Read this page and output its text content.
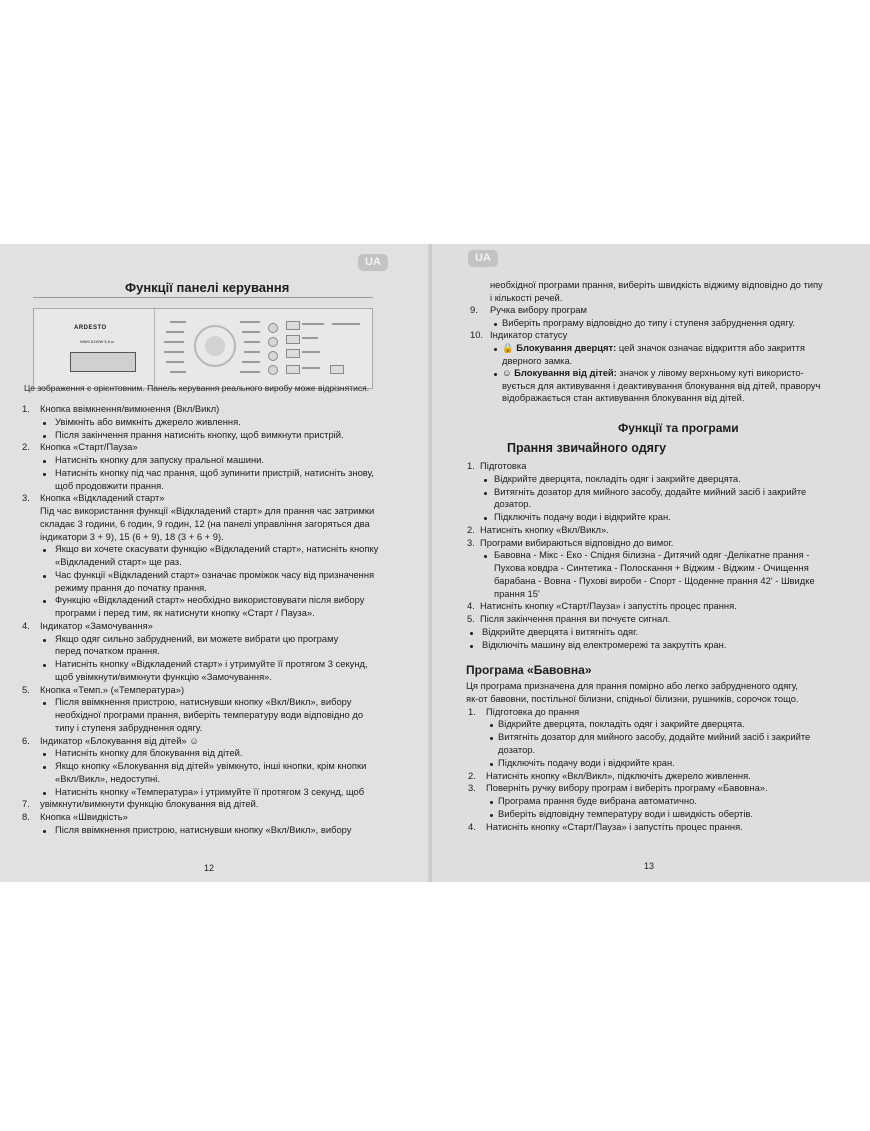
UA
Функції панелі керування
ARDESTO
WMS 6115W 5,5 кг
Це зображення є орієнтовним. Панель керування реального виробу може відрізнятися.
1. Кнопка ввімкнення/вимкнення (Вкл/Викл)
Увімкніть або вимкніть джерело живлення.
Після закінчення прання натисніть кнопку, щоб вимкнути пристрій.
2. Кнопка «Старт/Пауза»
Натисніть кнопку для запуску пральної машини.
Натисніть кнопку під час прання, щоб зупинити пристрій, натисніть знову,
щоб продовжити прання.
3. Кнопка «Відкладений старт»
Під час використання функції «Відкладений старт» для прання час затримки
складає 3 години, 6 годин, 9 годин, 12 (на панелі управління загоряться два
індикатори 3 + 9), 15 (6 + 9), 18 (3 + 6 + 9).
Якщо ви хочете скасувати функцію «Відкладений старт», натисніть кнопку
«Відкладений старт» ще раз.
Час функції «Відкладений старт» означає проміжок часу від призначення
режиму прання до початку прання.
Функцію «Відкладений старт» необхідно використовувати після вибору
програми і перед тим, як натиснути кнопку «Старт / Пауза».
4. Індикатор «Замочування»
Якщо одяг сильно забруднений, ви можете вибрати цю програму
перед початком прання.
Натисніть кнопку «Відкладений старт» і утримуйте її протягом 3 секунд,
щоб увімкнути/вимкнути функцію «Замочування».
5. Кнопка «Темп.» («Температура»)
Після ввімкнення пристрою, натиснувши кнопку «Вкл/Викл», вибору
необхідної програми прання, виберіть температуру води відповідно до
типу і ступеня забруднення одягу.
6. Індикатор «Блокування від дітей» ☺
Натисніть кнопку для блокування від дітей.
Якщо кнопку «Блокування від дітей» увімкнуто, інші кнопки, крім кнопки
«Вкл/Викл», недоступні.
Натисніть кнопку «Температура» і утримуйте її протягом 3 секунд, щоб
7. увімкнути/вимкнути функцію блокування від дітей.
8. Кнопка «Швидкість»
Після ввімкнення пристрою, натиснувши кнопку «Вкл/Викл», вибору
12
UA
необхідної програми прання, виберіть швидкість віджиму відповідно до типу
і кількості речей.
9. Ручка вибору програм
Виберіть програму відповідно до типу і ступеня забруднення одягу.
10. Індикатор статусу
🔒 Блокування дверцят: цей значок означає відкриття або закриття
дверного замка.
☺ Блокування від дітей: значок у лівому верхньому куті використо-
вується для активування і деактивування блокування від дітей, праворуч
відображається стан активування блокування від дітей.
Функції та програми
Прання звичайного одягу
Програма «Бавовна»
13
1. Підготовка
Відкрийте дверцята, покладіть одяг і закрийте дверцята.
Витягніть дозатор для мийного засобу, додайте мийний засіб і закрийте
дозатор.
Підключіть подачу води і відкрийте кран.
2. Натисніть кнопку «Вкл/Викл».
3. Програми вибираються відповідно до вимог.
Бавовна - Мікс - Еко - Спідня білизна - Дитячий одяг -Делікатне прання -
Пухова ковдра - Синтетика - Полоскання + Віджим - Віджим - Очищення
барабана - Вовна - Пухові вироби - Спорт - Щоденне прання 42' - Швидке
прання 15'
4. Натисніть кнопку «Старт/Пауза» і запустіть процес прання.
5. Після закінчення прання ви почуєте сигнал.
Відкрийте дверцята і витягніть одяг.
Відключіть машину від електромережі та закрутіть кран.
Ця програма призначена для прання помірно або легко забрудненого одягу,
як-от бавовни, постільної білизни, спідньої білизни, рушників, сорочок тощо.
1. Підготовка до прання
Відкрийте дверцята, покладіть одяг і закрийте дверцята.
Витягніть дозатор для мийного засобу, додайте мийний засіб і закрийте
дозатор.
Підключіть подачу води і відкрийте кран.
2. Натисніть кнопку «Вкл/Викл», підключіть джерело живлення.
3. Поверніть ручку вибору програм і виберіть програму «Бавовна».
Програма прання буде вибрана автоматично.
Виберіть відповідну температуру води і швидкість обертів.
4. Натисніть кнопку «Старт/Пауза» і запустіть процес прання.
